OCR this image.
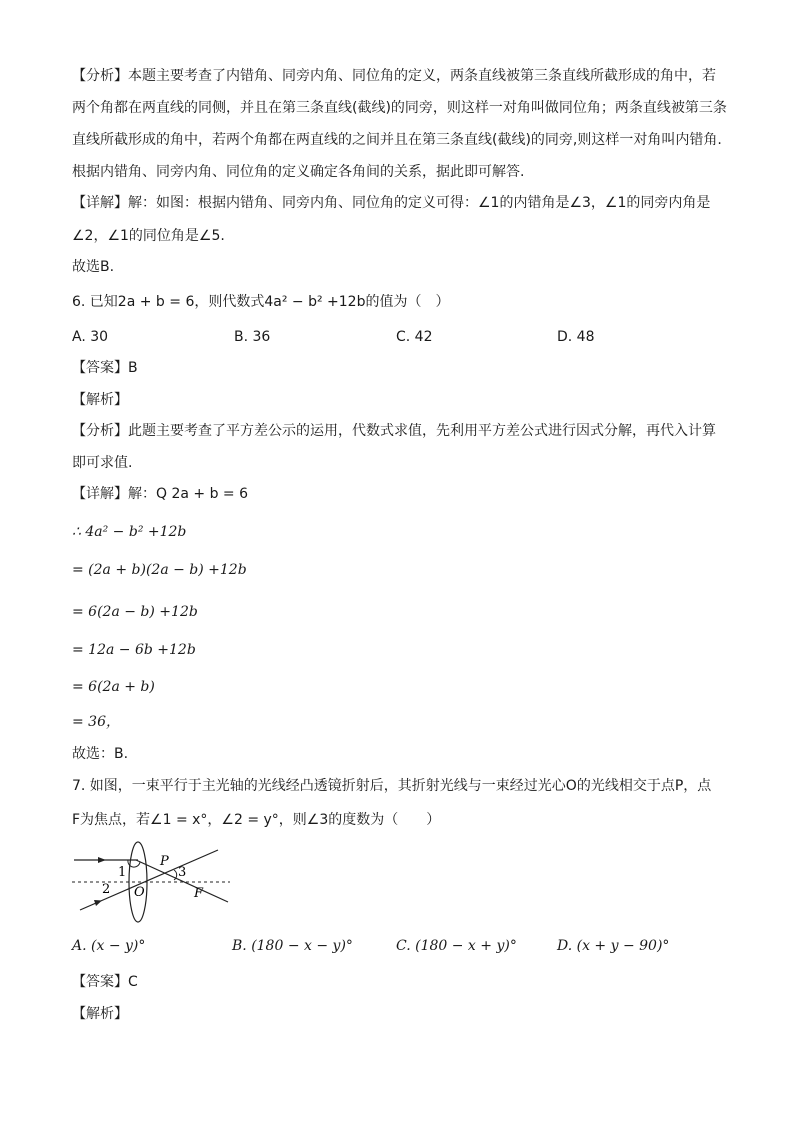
【分析】本题主要考查了内错角、同旁内角、同位角的定义，两条直线被第三条直线所截形成的角中，若
两个角都在两直线的同侧，并且在第三条直线(截线)的同旁，则这样一对角叫做同位角；两条直线被第三条
直线所截形成的角中，若两个角都在两直线的之间并且在第三条直线(截线)的同旁,则这样一对角叫内错角.
根据内错角、同旁内角、同位角的定义确定各角间的关系，据此即可解答.
【详解】解：如图：根据内错角、同旁内角、同位角的定义可得：∠1的内错角是∠3，∠1的同旁内角是
∠2，∠1的同位角是∠5.
故选B.
6. 已知2a + b = 6，则代数式4a² − b² +12b的值为（　）
A. 30	B. 36	C. 42	D. 48
【答案】B
【解析】
【分析】此题主要考查了平方差公示的运用，代数式求值，先利用平方差公式进行因式分解，再代入计算
即可求值.
【详解】解：Q 2a + b = 6
∴ 4a² − b² +12b
= (2a + b)(2a − b) +12b
= 6(2a − b) +12b
= 12a − 6b +12b
= 6(2a + b)
= 36，
故选：B.
7. 如图，一束平行于主光轴的光线经凸透镜折射后，其折射光线与一束经过光心O的光线相交于点P，点
F为焦点，若∠1 = x°，∠2 = y°，则∠3的度数为（　　）
1
2
3
P
O	F
A. (x − y)°	B. (180 − x − y)°	C. (180 − x + y)°	D. (x + y − 90)°
【答案】C
【解析】
